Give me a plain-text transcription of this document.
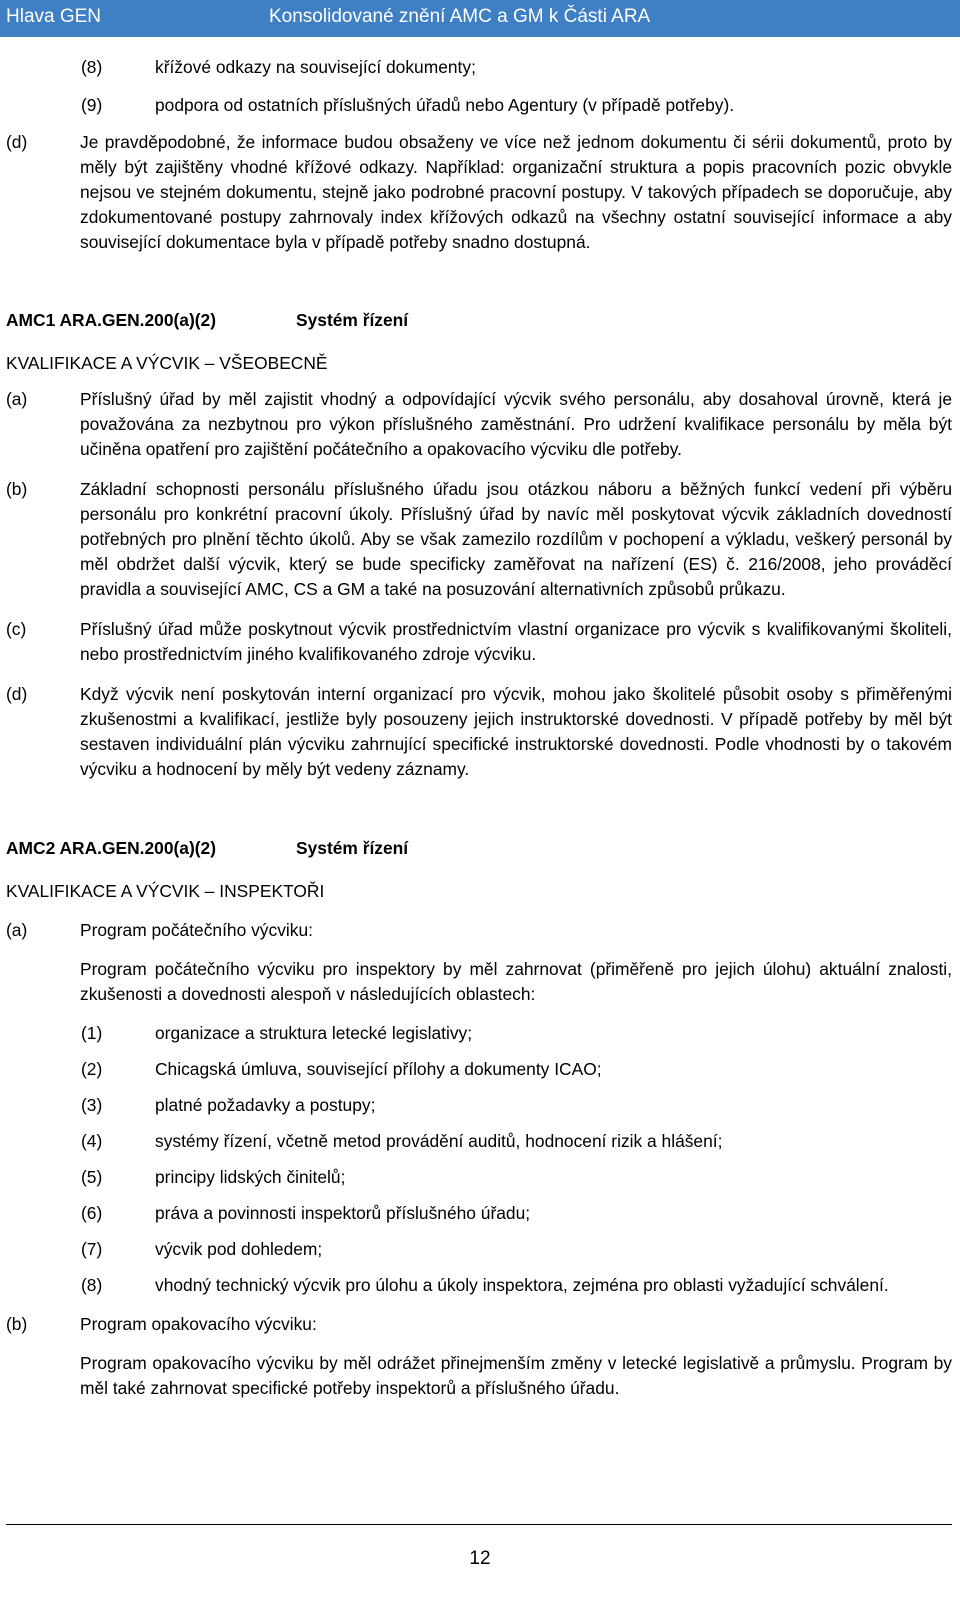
Hlava GEN	Konsolidované znění AMC a GM k Části ARA
(8)	křížové odkazy na související dokumenty;
(9)	podpora od ostatních příslušných úřadů nebo Agentury (v případě potřeby).
(d)	Je pravděpodobné, že informace budou obsaženy ve více než jednom dokumentu či sérii dokumentů, proto by měly být zajištěny vhodné křížové odkazy. Například: organizační struktura a popis pracovních pozic obvykle nejsou ve stejném dokumentu, stejně jako podrobné pracovní postupy. V takových případech se doporučuje, aby zdokumentované postupy zahrnovaly index křížových odkazů na všechny ostatní související informace a aby související dokumentace byla v případě potřeby snadno dostupná.
AMC1 ARA.GEN.200(a)(2)	Systém řízení
KVALIFIKACE A VÝCVIK – VŠEOBECNĚ
(a)	Příslušný úřad by měl zajistit vhodný a odpovídající výcvik svého personálu, aby dosahoval úrovně, která je považována za nezbytnou pro výkon příslušného zaměstnání. Pro udržení kvalifikace personálu by měla být učiněna opatření pro zajištění počátečního a opakovacího výcviku dle potřeby.
(b)	Základní schopnosti personálu příslušného úřadu jsou otázkou náboru a běžných funkcí vedení při výběru personálu pro konkrétní pracovní úkoly. Příslušný úřad by navíc měl poskytovat výcvik základních dovedností potřebných pro plnění těchto úkolů. Aby se však zamezilo rozdílům v pochopení a výkladu, veškerý personál by měl obdržet další výcvik, který se bude specificky zaměřovat na nařízení (ES) č. 216/2008, jeho prováděcí pravidla a související AMC, CS a GM a také na posuzování alternativních způsobů průkazu.
(c)	Příslušný úřad může poskytnout výcvik prostřednictvím vlastní organizace pro výcvik s kvalifikovanými školiteli, nebo prostřednictvím jiného kvalifikovaného zdroje výcviku.
(d)	Když výcvik není poskytován interní organizací pro výcvik, mohou jako školitelé působit osoby s přiměřenými zkušenostmi a kvalifikací, jestliže byly posouzeny jejich instruktorské dovednosti. V případě potřeby by měl být sestaven individuální plán výcviku zahrnující specifické instruktorské dovednosti. Podle vhodnosti by o takovém výcviku a hodnocení by měly být vedeny záznamy.
AMC2 ARA.GEN.200(a)(2)	Systém řízení
KVALIFIKACE A VÝCVIK – INSPEKTOŘI
(a)	Program počátečního výcviku:
Program počátečního výcviku pro inspektory by měl zahrnovat (přiměřeně pro jejich úlohu) aktuální znalosti, zkušenosti a dovednosti alespoň v následujících oblastech:
(1)	organizace a struktura letecké legislativy;
(2)	Chicagská úmluva, související přílohy a dokumenty ICAO;
(3)	platné požadavky a postupy;
(4)	systémy řízení, včetně metod provádění auditů, hodnocení rizik a hlášení;
(5)	principy lidských činitelů;
(6)	práva a povinnosti inspektorů příslušného úřadu;
(7)	výcvik pod dohledem;
(8)	vhodný technický výcvik pro úlohu a úkoly inspektora, zejména pro oblasti vyžadující schválení.
(b)	Program opakovacího výcviku:
Program opakovacího výcviku by měl odrážet přinejmenším změny v letecké legislativě a průmyslu. Program by měl také zahrnovat specifické potřeby inspektorů a příslušného úřadu.
12
